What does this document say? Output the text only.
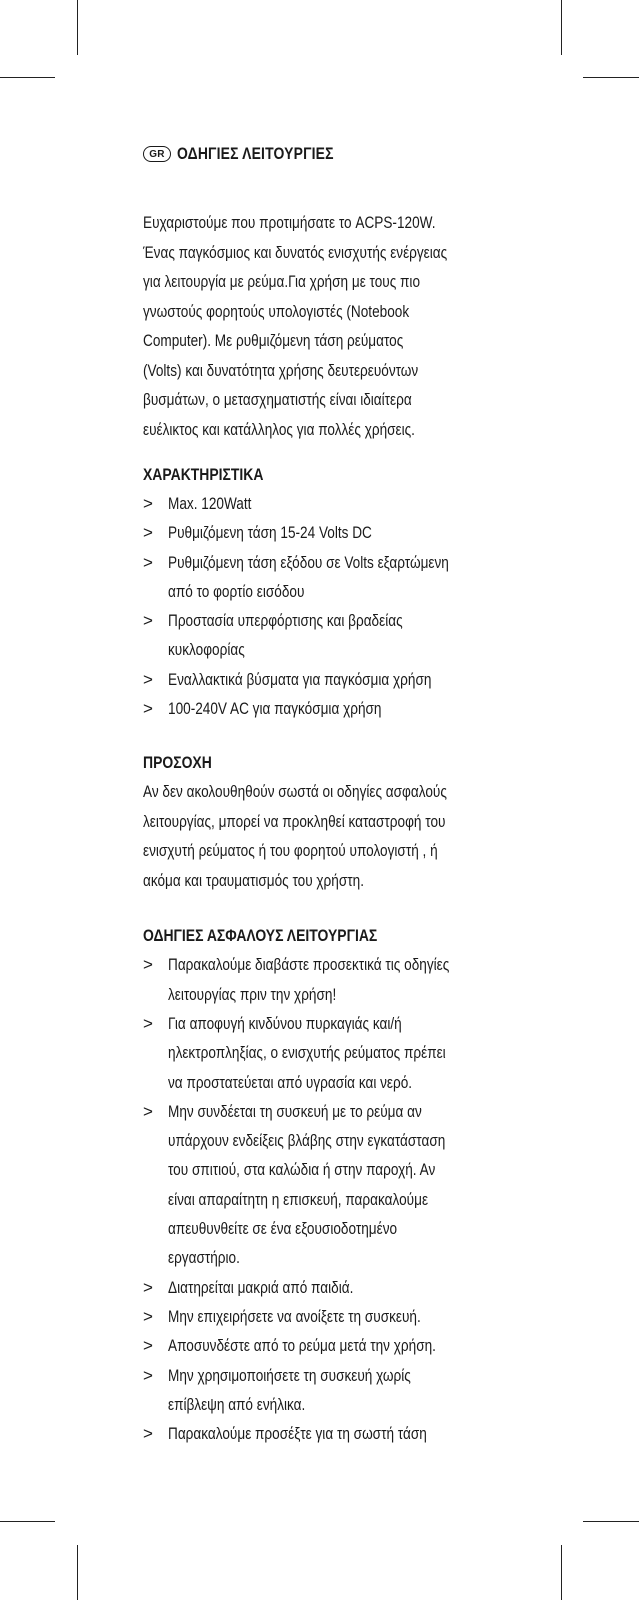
GR ΟΔΗΓΙΕΣ ΛΕΙΤΟΥΡΓΙΕΣ
Ευχαριστούμε που προτιμήσατε το ACPS-120W.
Ένας παγκόσμιος και δυνατός ενισχυτής ενέργειας
για λειτουργία με ρεύμα.Για χρήση με τους πιο
γνωστούς φορητούς υπολογιστές (Notebook
Computer). Με ρυθμιζόμενη τάση ρεύματος
(Volts) και δυνατότητα χρήσης δευτερευόντων
βυσμάτων, ο μετασχηματιστής είναι ιδιαίτερα
ευέλικτος και κατάλληλος για πολλές χρήσεις.
ΧΑΡΑΚΤΗΡΙΣΤΙΚΑ
> Max. 120Watt
> Ρυθμιζόμενη τάση 15-24 Volts DC
> Ρυθμιζόμενη τάση εξόδου σε Volts εξαρτώμενη
από το φορτίο εισόδου
> Προστασία υπερφόρτισης και βραδείας
κυκλοφορίας
> Εναλλακτικά βύσματα για παγκόσμια χρήση
> 100-240V AC για παγκόσμια χρήση
ΠΡΟΣΟΧΗ
Αν δεν ακολουθηθούν σωστά οι οδηγίες ασφαλούς
λειτουργίας, μπορεί να προκληθεί καταστροφή του
ενισχυτή ρεύματος ή του φορητού υπολογιστή , ή
ακόμα και τραυματισμός του χρήστη.
ΟΔΗΓΙΕΣ ΑΣΦΑΛΟΥΣ ΛΕΙΤΟΥΡΓΙΑΣ
> Παρακαλούμε διαβάστε προσεκτικά τις οδηγίες
λειτουργίας πριν την χρήση!
> Για αποφυγή κινδύνου πυρκαγιάς και/ή
ηλεκτροπληξίας, ο ενισχυτής ρεύματος πρέπει
να προστατεύεται από υγρασία και νερό.
> Μην συνδέεται τη συσκευή με το ρεύμα αν
υπάρχουν ενδείξεις βλάβης στην εγκατάσταση
του σπιτιού, στα καλώδια ή στην παροχή. Αν
είναι απαραίτητη η επισκευή, παρακαλούμε
απευθυνθείτε σε ένα εξουσιοδοτημένο
εργαστήριο.
> Διατηρείται μακριά από παιδιά.
> Μην επιχειρήσετε να ανοίξετε τη συσκευή.
> Αποσυνδέστε από το ρεύμα μετά την χρήση.
> Μην χρησιμοποιήσετε τη συσκευή χωρίς
επίβλεψη από ενήλικα.
> Παρακαλούμε προσέξτε για τη σωστή τάση
